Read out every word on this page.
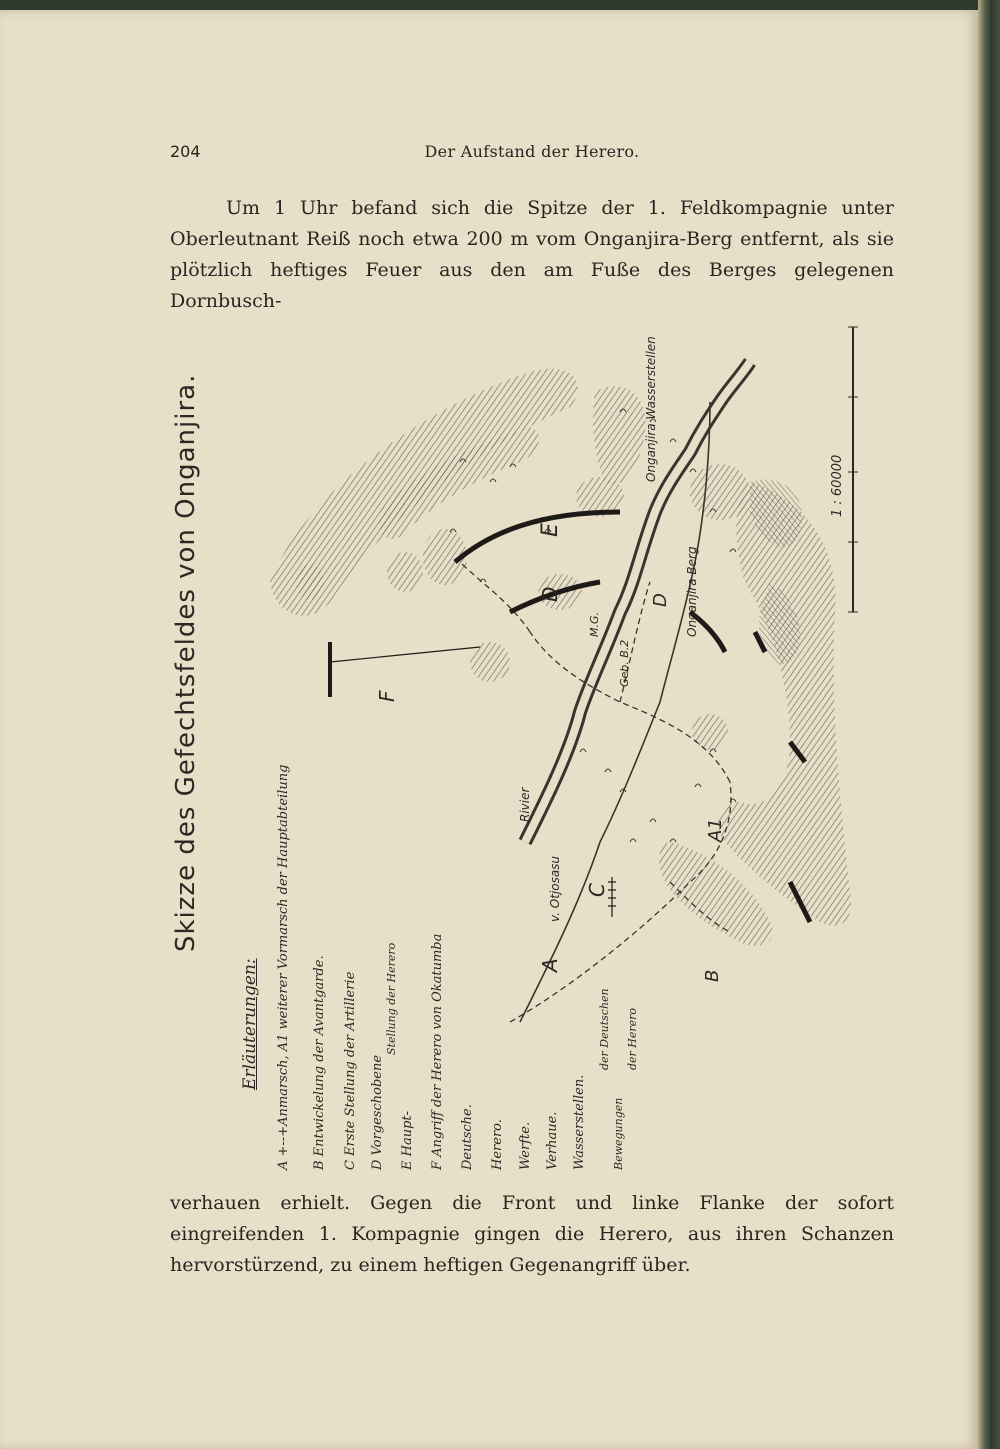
204	Der Aufstand der Herero.

Um 1 Uhr befand sich die Spitze der 1. Feldkompagnie unter Oberleutnant Reiß noch etwa 200 m vom Onganjira-Berg entfernt, als sie plötzlich heftiges Feuer aus den am Fuße des Berges gelegenen Dornbusch-

Rivier
v. Otjosasu
Onganjira Berg
Onganjira Wasserstellen
M.G.
Geb. B.2
1 : 60000
A
A1
B
C
D	D
E
F
Skizze des Gefechtsfeldes von Onganjira.
Erläuterungen: A +--+Anmarsch, A1 weiterer Vormarsch der Hauptabteilung B Entwickelung der Avantgarde. C Erste Stellung der Artillerie D Vorgeschobene E Haupt-
Stellung der Herero F Angriff der Herero von Okatumba Deutsche. Herero. Werfte. Verhaue. Wasserstellen.
der Deutschen
Bewegungen
der Herero

verhauen erhielt. Gegen die Front und linke Flanke der sofort eingreifenden 1. Kompagnie gingen die Herero, aus ihren Schanzen hervorstürzend, zu einem heftigen Gegenangriff über.
